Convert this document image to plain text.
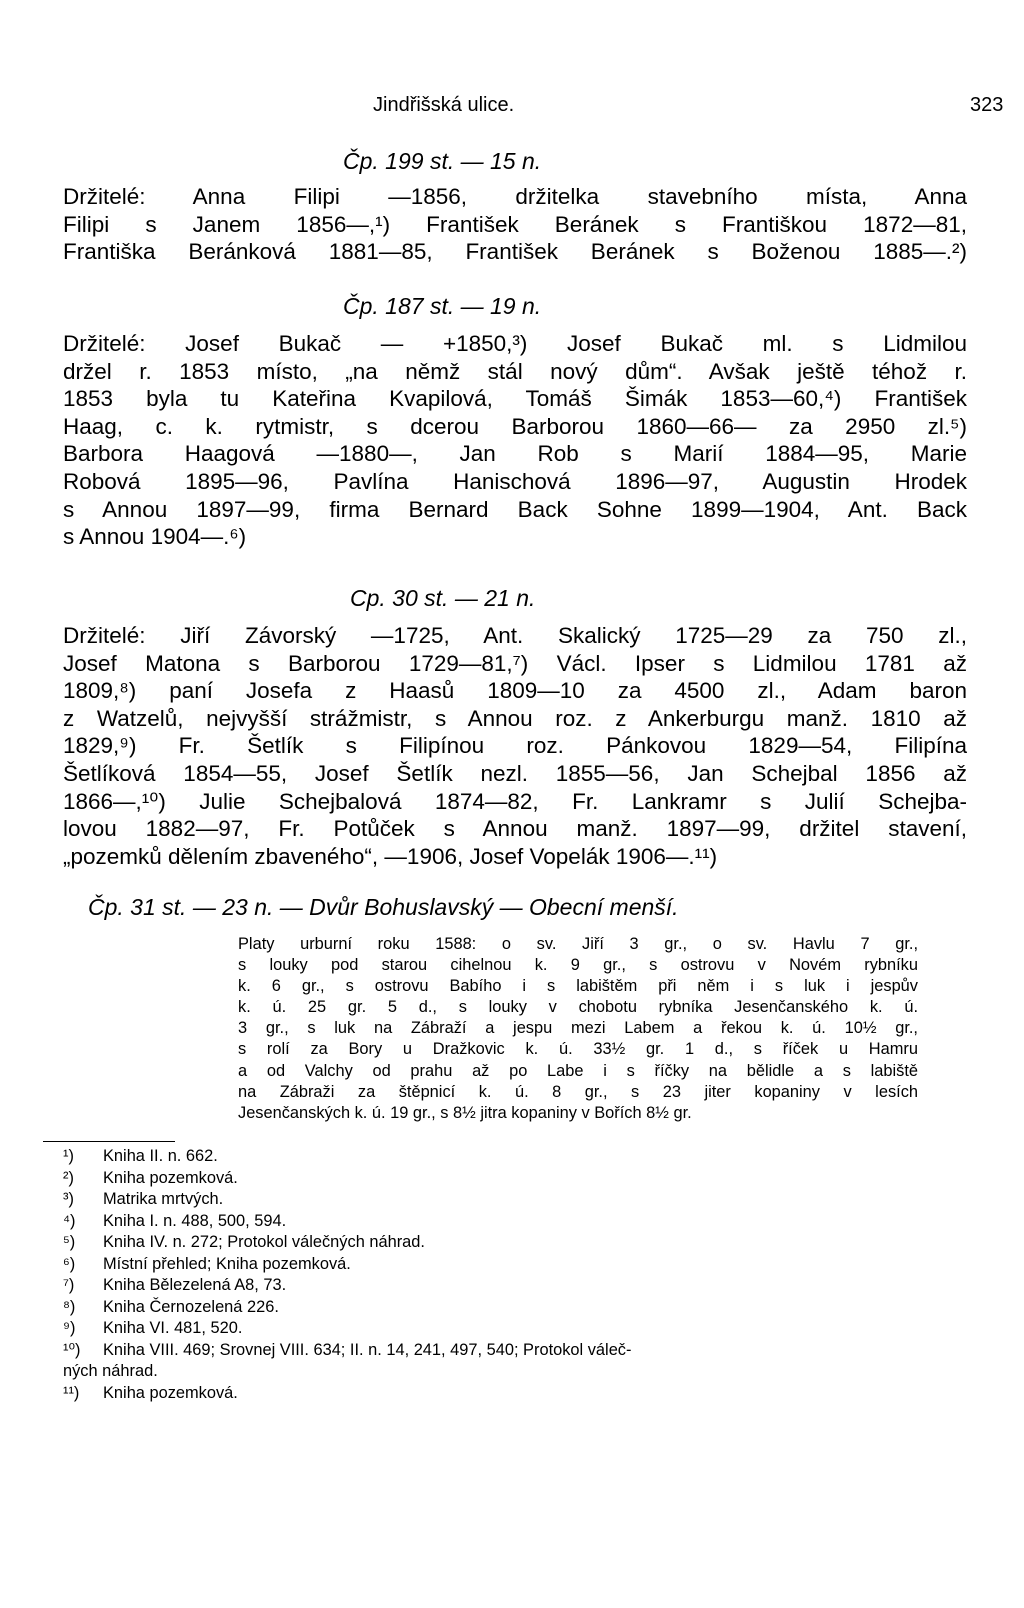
Jindřišská ulice.	323
Čp. 199 st. — 15 n.
Držitelé: Anna Filipi —1856, držitelka stavebního místa, Anna
Filipi s Janem 1856—,¹) František Beránek s Františkou 1872—81,
Františka Beránková 1881—85, František Beránek s Boženou 1885—.²)
Čp. 187 st. — 19 n.
Držitelé: Josef Bukač — +1850,³) Josef Bukač ml. s Lidmilou
držel r. 1853 místo, „na němž stál nový dům“. Avšak ještě téhož r.
1853 byla tu Kateřina Kvapilová, Tomáš Šimák 1853—60,⁴) František
Haag, c. k. rytmistr, s dcerou Barborou 1860—66— za 2950 zl.⁵)
Barbora Haagová —1880—, Jan Rob s Marií 1884—95, Marie
Robová 1895—96, Pavlína Hanischová 1896—97, Augustin Hrodek
s Annou 1897—99, firma Bernard Back Sohne 1899—1904, Ant. Back
s Annou 1904—.⁶)
Cp. 30 st. — 21 n.
Držitelé: Jiří Závorský —1725, Ant. Skalický 1725—29 za 750 zl.,
Josef Matona s Barborou 1729—81,⁷) Václ. Ipser s Lidmilou 1781 až
1809,⁸) paní Josefa z Haasů 1809—10 za 4500 zl., Adam baron
z Watzelů, nejvyšší strážmistr, s Annou roz. z Ankerburgu manž. 1810 až
1829,⁹) Fr. Šetlík s Filipínou roz. Pánkovou 1829—54, Filipína
Šetlíková 1854—55, Josef Šetlík nezl. 1855—56, Jan Schejbal 1856 až
1866—,¹⁰) Julie Schejbalová 1874—82, Fr. Lankramr s Julií Schejba-
lovou 1882—97, Fr. Potůček s Annou manž. 1897—99, držitel stavení,
„pozemků dělením zbaveného“, —1906, Josef Vopelák 1906—.¹¹)
Čp. 31 st. — 23 n. — Dvůr Bohuslavský — Obecní menší.
Platy urburní roku 1588: o sv. Jiří 3 gr., o sv. Havlu 7 gr.,
s louky pod starou cihelnou k. 9 gr., s ostrovu v Novém rybníku
k. 6 gr., s ostrovu Babího i s labištěm při něm i s luk i jespův
k. ú. 25 gr. 5 d., s louky v chobotu rybníka Jesenčanského k. ú.
3 gr., s luk na Zábraží a jespu mezi Labem a řekou k. ú. 10½ gr.,
s rolí za Bory u Dražkovic k. ú. 33½ gr. 1 d., s říček u Hamru
a od Valchy od prahu až po Labe i s říčky na bělidle a s labiště
na Zábraži za štěpnicí k. ú. 8 gr., s 23 jiter kopaniny v lesích
Jesenčanských k. ú. 19 gr., s 8½ jitra kopaniny v Bořích 8½ gr.
¹) Kniha II. n. 662.
²) Kniha pozemková.
³) Matrika mrtvých.
⁴) Kniha I. n. 488, 500, 594.
⁵) Kniha IV. n. 272; Protokol válečných náhrad.
⁶) Místní přehled; Kniha pozemková.
⁷) Kniha Bělezelená A8, 73.
⁸) Kniha Černozelená 226.
⁹) Kniha VI. 481, 520.
¹⁰) Kniha VIII. 469; Srovnej VIII. 634; II. n. 14, 241, 497, 540; Protokol váleč-
ných náhrad.
¹¹) Kniha pozemková.
